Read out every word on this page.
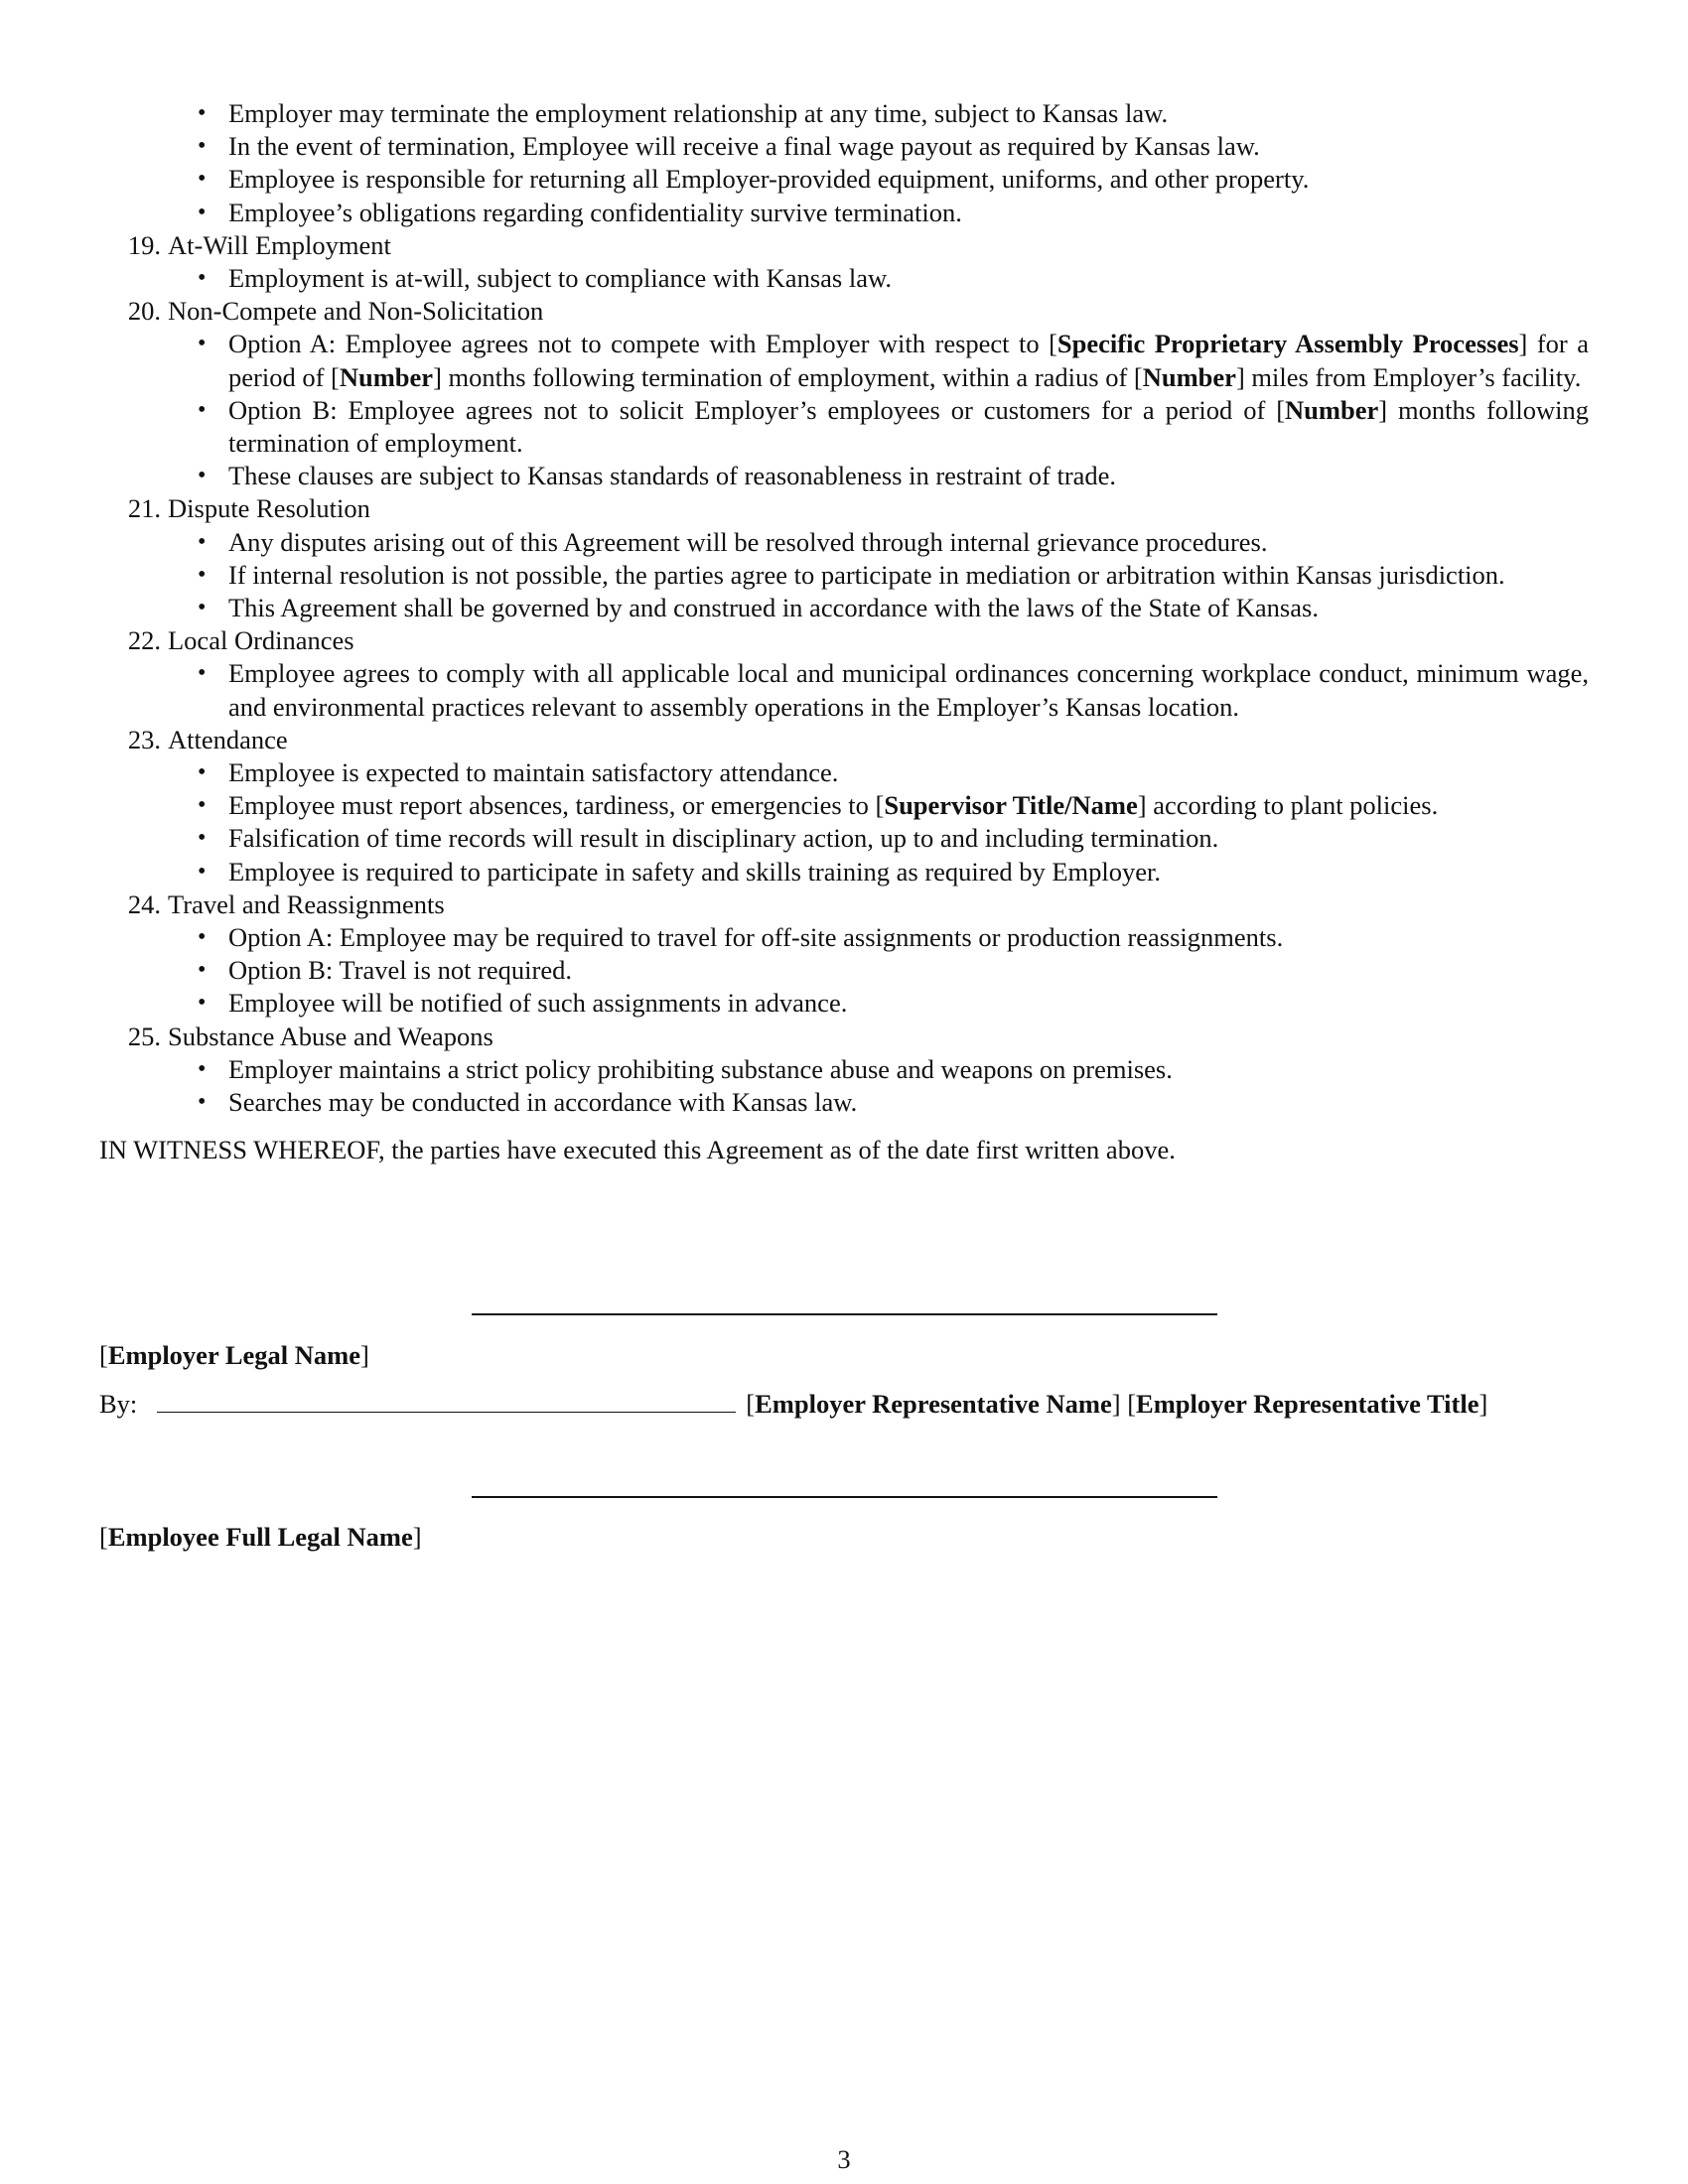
• Employer may terminate the employment relationship at any time, subject to Kansas law.
• In the event of termination, Employee will receive a final wage payout as required by Kansas law.
• Employee is responsible for returning all Employer-provided equipment, uniforms, and other property.
• Employee’s obligations regarding confidentiality survive termination.
19. At-Will Employment
• Employment is at-will, subject to compliance with Kansas law.
20. Non-Compete and Non-Solicitation
• Option A: Employee agrees not to compete with Employer with respect to [Specific Proprietary Assembly Processes] for a period of [Number] months following termination of employment, within a radius of [Number] miles from Employer’s facility.
• Option B: Employee agrees not to solicit Employer’s employees or customers for a period of [Number] months following termination of employment.
• These clauses are subject to Kansas standards of reasonableness in restraint of trade.
21. Dispute Resolution
• Any disputes arising out of this Agreement will be resolved through internal grievance procedures.
• If internal resolution is not possible, the parties agree to participate in mediation or arbitration within Kansas jurisdiction.
• This Agreement shall be governed by and construed in accordance with the laws of the State of Kansas.
22. Local Ordinances
• Employee agrees to comply with all applicable local and municipal ordinances concerning workplace conduct, minimum wage, and environmental practices relevant to assembly operations in the Employer’s Kansas location.
23. Attendance
• Employee is expected to maintain satisfactory attendance.
• Employee must report absences, tardiness, or emergencies to [Supervisor Title/Name] according to plant policies.
• Falsification of time records will result in disciplinary action, up to and including termination.
• Employee is required to participate in safety and skills training as required by Employer.
24. Travel and Reassignments
• Option A: Employee may be required to travel for off-site assignments or production reassignments.
• Option B: Travel is not required.
• Employee will be notified of such assignments in advance.
25. Substance Abuse and Weapons
• Employer maintains a strict policy prohibiting substance abuse and weapons on premises.
• Searches may be conducted in accordance with Kansas law.
IN WITNESS WHEREOF, the parties have executed this Agreement as of the date first written above.
[Employer Legal Name]
By:	[Employer Representative Name] [Employer Representative Title]
[Employee Full Legal Name]
3
